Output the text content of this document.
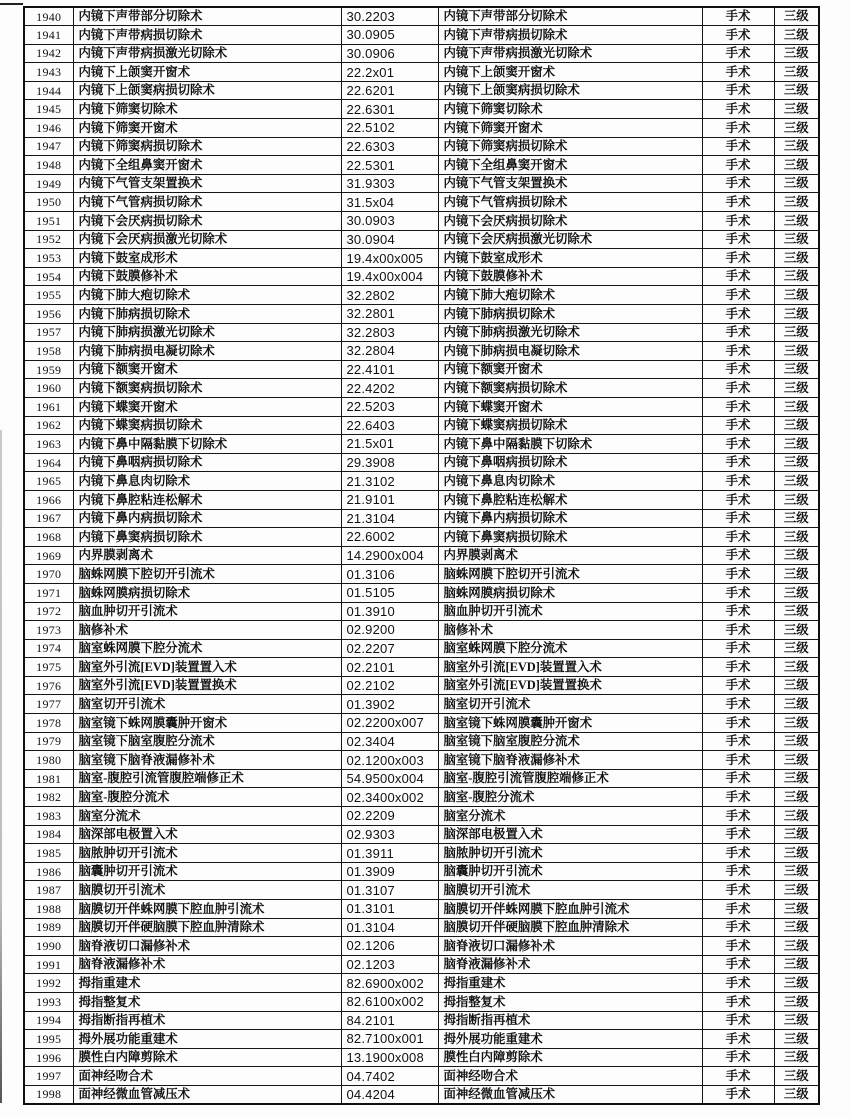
1940	内镜下声带部分切除术	30.2203	内镜下声带部分切除术	手术	三级
1941	内镜下声带病损切除术	30.0905	内镜下声带病损切除术	手术	三级
1942	内镜下声带病损激光切除术	30.0906	内镜下声带病损激光切除术	手术	三级
1943	内镜下上颌窦开窗术	22.2x01	内镜下上颌窦开窗术	手术	三级
1944	内镜下上颌窦病损切除术	22.6201	内镜下上颌窦病损切除术	手术	三级
1945	内镜下筛窦切除术	22.6301	内镜下筛窦切除术	手术	三级
1946	内镜下筛窦开窗术	22.5102	内镜下筛窦开窗术	手术	三级
1947	内镜下筛窦病损切除术	22.6303	内镜下筛窦病损切除术	手术	三级
1948	内镜下全组鼻窦开窗术	22.5301	内镜下全组鼻窦开窗术	手术	三级
1949	内镜下气管支架置换术	31.9303	内镜下气管支架置换术	手术	三级
1950	内镜下气管病损切除术	31.5x04	内镜下气管病损切除术	手术	三级
1951	内镜下会厌病损切除术	30.0903	内镜下会厌病损切除术	手术	三级
1952	内镜下会厌病损激光切除术	30.0904	内镜下会厌病损激光切除术	手术	三级
1953	内镜下鼓室成形术	19.4x00x005	内镜下鼓室成形术	手术	三级
1954	内镜下鼓膜修补术	19.4x00x004	内镜下鼓膜修补术	手术	三级
1955	内镜下肺大疱切除术	32.2802	内镜下肺大疱切除术	手术	三级
1956	内镜下肺病损切除术	32.2801	内镜下肺病损切除术	手术	三级
1957	内镜下肺病损激光切除术	32.2803	内镜下肺病损激光切除术	手术	三级
1958	内镜下肺病损电凝切除术	32.2804	内镜下肺病损电凝切除术	手术	三级
1959	内镜下额窦开窗术	22.4101	内镜下额窦开窗术	手术	三级
1960	内镜下额窦病损切除术	22.4202	内镜下额窦病损切除术	手术	三级
1961	内镜下蝶窦开窗术	22.5203	内镜下蝶窦开窗术	手术	三级
1962	内镜下蝶窦病损切除术	22.6403	内镜下蝶窦病损切除术	手术	三级
1963	内镜下鼻中隔黏膜下切除术	21.5x01	内镜下鼻中隔黏膜下切除术	手术	三级
1964	内镜下鼻咽病损切除术	29.3908	内镜下鼻咽病损切除术	手术	三级
1965	内镜下鼻息肉切除术	21.3102	内镜下鼻息肉切除术	手术	三级
1966	内镜下鼻腔粘连松解术	21.9101	内镜下鼻腔粘连松解术	手术	三级
1967	内镜下鼻内病损切除术	21.3104	内镜下鼻内病损切除术	手术	三级
1968	内镜下鼻窦病损切除术	22.6002	内镜下鼻窦病损切除术	手术	三级
1969	内界膜剥离术	14.2900x004	内界膜剥离术	手术	三级
1970	脑蛛网膜下腔切开引流术	01.3106	脑蛛网膜下腔切开引流术	手术	三级
1971	脑蛛网膜病损切除术	01.5105	脑蛛网膜病损切除术	手术	三级
1972	脑血肿切开引流术	01.3910	脑血肿切开引流术	手术	三级
1973	脑修补术	02.9200	脑修补术	手术	三级
1974	脑室蛛网膜下腔分流术	02.2207	脑室蛛网膜下腔分流术	手术	三级
1975	脑室外引流[EVD]装置置入术	02.2101	脑室外引流[EVD]装置置入术	手术	三级
1976	脑室外引流[EVD]装置置换术	02.2102	脑室外引流[EVD]装置置换术	手术	三级
1977	脑室切开引流术	01.3902	脑室切开引流术	手术	三级
1978	脑室镜下蛛网膜囊肿开窗术	02.2200x007	脑室镜下蛛网膜囊肿开窗术	手术	三级
1979	脑室镜下脑室腹腔分流术	02.3404	脑室镜下脑室腹腔分流术	手术	三级
1980	脑室镜下脑脊液漏修补术	02.1200x003	脑室镜下脑脊液漏修补术	手术	三级
1981	脑室-腹腔引流管腹腔端修正术	54.9500x004	脑室-腹腔引流管腹腔端修正术	手术	三级
1982	脑室-腹腔分流术	02.3400x002	脑室-腹腔分流术	手术	三级
1983	脑室分流术	02.2209	脑室分流术	手术	三级
1984	脑深部电极置入术	02.9303	脑深部电极置入术	手术	三级
1985	脑脓肿切开引流术	01.3911	脑脓肿切开引流术	手术	三级
1986	脑囊肿切开引流术	01.3909	脑囊肿切开引流术	手术	三级
1987	脑膜切开引流术	01.3107	脑膜切开引流术	手术	三级
1988	脑膜切开伴蛛网膜下腔血肿引流术	01.3101	脑膜切开伴蛛网膜下腔血肿引流术	手术	三级
1989	脑膜切开伴硬脑膜下腔血肿清除术	01.3104	脑膜切开伴硬脑膜下腔血肿清除术	手术	三级
1990	脑脊液切口漏修补术	02.1206	脑脊液切口漏修补术	手术	三级
1991	脑脊液漏修补术	02.1203	脑脊液漏修补术	手术	三级
1992	拇指重建术	82.6900x002	拇指重建术	手术	三级
1993	拇指整复术	82.6100x002	拇指整复术	手术	三级
1994	拇指断指再植术	84.2101	拇指断指再植术	手术	三级
1995	拇外展功能重建术	82.7100x001	拇外展功能重建术	手术	三级
1996	膜性白内障剪除术	13.1900x008	膜性白内障剪除术	手术	三级
1997	面神经吻合术	04.7402	面神经吻合术	手术	三级
1998	面神经微血管减压术	04.4204	面神经微血管减压术	手术	三级
